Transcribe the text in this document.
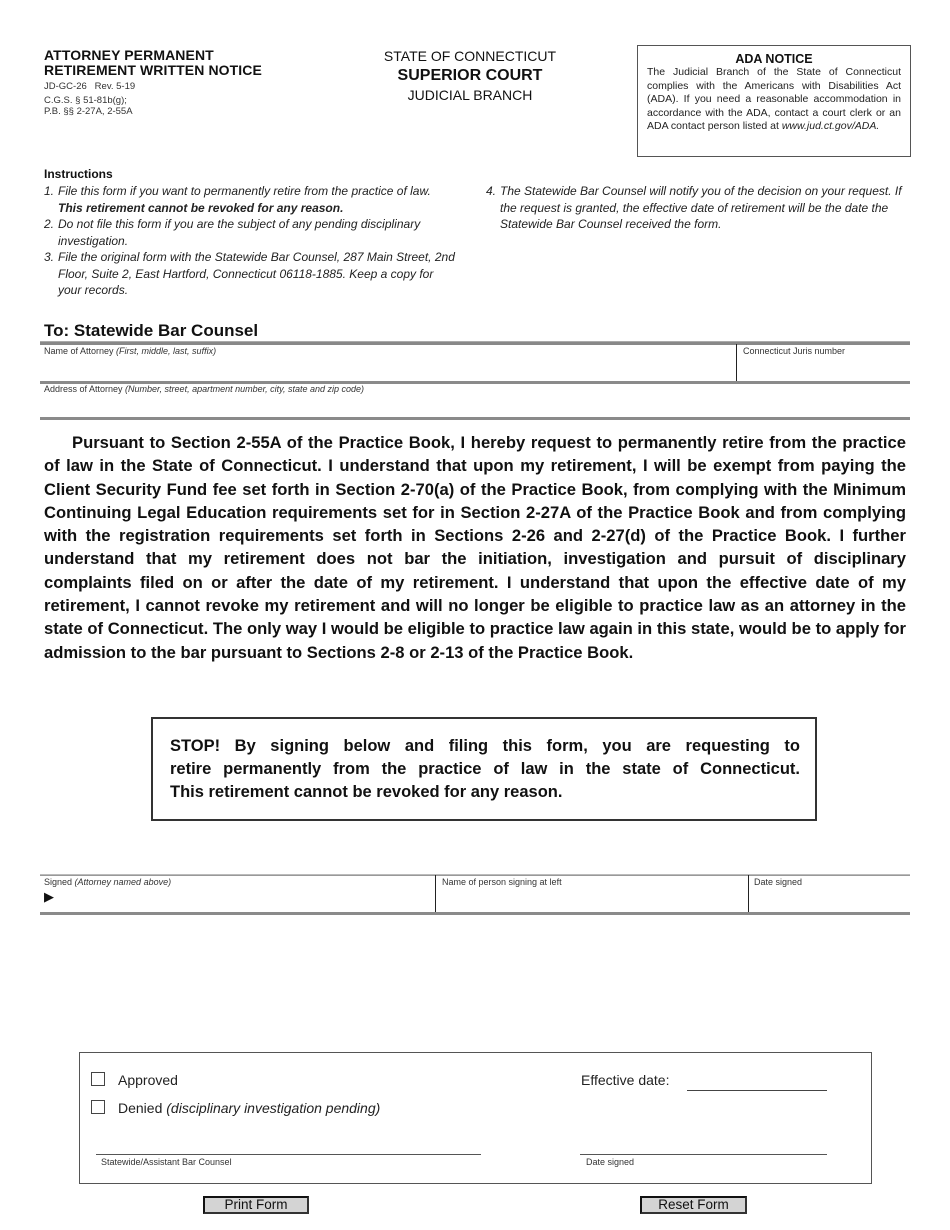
ATTORNEY PERMANENT
RETIREMENT WRITTEN NOTICE
JD-GC-26   Rev. 5-19
C.G.S. § 51-81b(g);
P.B. §§ 2-27A, 2-55A
STATE OF CONNECTICUT
SUPERIOR COURT
JUDICIAL BRANCH
ADA NOTICE
The Judicial Branch of the State of Connecticut complies with the Americans with Disabilities Act (ADA). If you need a reasonable accommodation in accordance with the ADA, contact a court clerk or an ADA contact person listed at www.jud.ct.gov/ADA.
Instructions

1. File this form if you want to permanently retire from the practice of law. This retirement cannot be revoked for any reason.

2. Do not file this form if you are the subject of any pending disciplinary investigation.

3. File the original form with the Statewide Bar Counsel, 287 Main Street, 2nd Floor, Suite 2, East Hartford, Connecticut 06118-1885. Keep a copy for your records.

4. The Statewide Bar Counsel will notify you of the decision on your request. If the request is granted, the effective date of retirement will be the date the Statewide Bar Counsel received the form.

To: Statewide Bar Counsel
Name of Attorney (First, middle, last, suffix)	Connecticut Juris number
Address of Attorney (Number, street, apartment number, city, state and zip code)
Pursuant to Section 2-55A of the Practice Book, I hereby request to permanently retire from the practice of law in the State of Connecticut. I understand that upon my retirement, I will be exempt from paying the Client Security Fund fee set forth in Section 2-70(a) of the Practice Book, from complying with the Minimum Continuing Legal Education requirements set for in Section 2-27A of the Practice Book and from complying with the registration requirements set forth in Sections 2-26 and 2-27(d) of the Practice Book. I further understand that my retirement does not bar the initiation, investigation and pursuit of disciplinary complaints filed on or after the date of my retirement. I understand that upon the effective date of my retirement, I cannot revoke my retirement and will no longer be eligible to practice law as an attorney in the state of Connecticut. The only way I would be eligible to practice law again in this state, would be to apply for admission to the bar pursuant to Sections 2-8 or 2-13 of the Practice Book.
STOP! By signing below and filing this form, you are requesting to
retire permanently from the practice of law in the state of Connecticut.
This retirement cannot be revoked for any reason.
Signed (Attorney named above)
▶
Name of person signing at left	Date signed
Approved
Denied (disciplinary investigation pending)
Effective date:
Statewide/Assistant Bar Counsel	Date signed
Print Form	Reset Form
